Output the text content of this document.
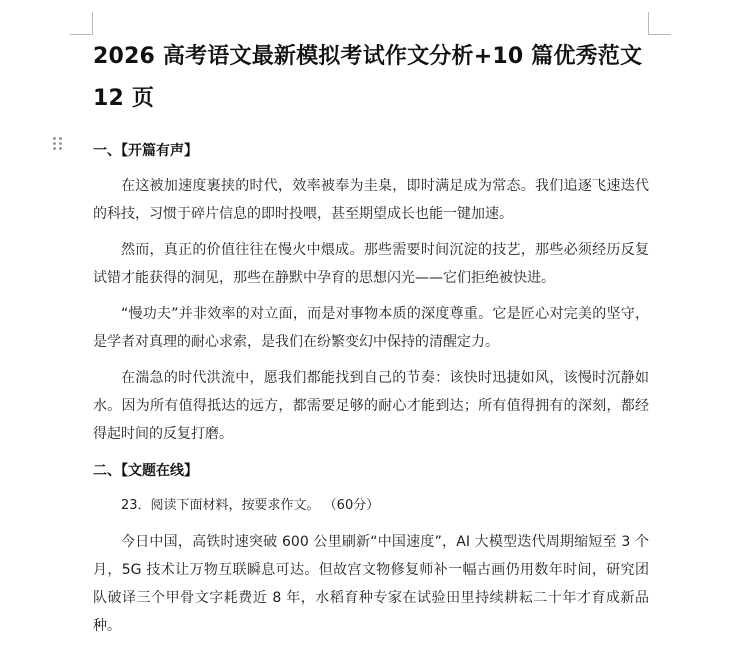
2026 高考语文最新模拟考试作文分析+10 篇优秀范文 12 页
一、【开篇有声】

在这被加速度裹挟的时代，效率被奉为圭臬，即时满足成为常态。我们追逐飞速迭代的科技，习惯于碎片信息的即时投喂，甚至期望成长也能一键加速。

然而，真正的价值往往在慢火中煨成。那些需要时间沉淀的技艺，那些必须经历反复试错才能获得的洞见，那些在静默中孕育的思想闪光——它们拒绝被快进。

“慢功夫”并非效率的对立面，而是对事物本质的深度尊重。它是匠心对完美的坚守，是学者对真理的耐心求索，是我们在纷繁变幻中保持的清醒定力。

在湍急的时代洪流中，愿我们都能找到自己的节奏：该快时迅捷如风，该慢时沉静如水。因为所有值得抵达的远方，都需要足够的耐心才能到达；所有值得拥有的深刻，都经得起时间的反复打磨。

二、【文题在线】

23．阅读下面材料，按要求作文。 （60分）

今日中国，高铁时速突破 600 公里刷新“中国速度”，AI 大模型迭代周期缩短至 3 个月，5G 技术让万物互联瞬息可达。但故宫文物修复师补一幅古画仍用数年时间，研究团队破译三个甲骨文字耗费近 8 年，水稻育种专家在试验田里持续耕耘二十年才育成新品种。
